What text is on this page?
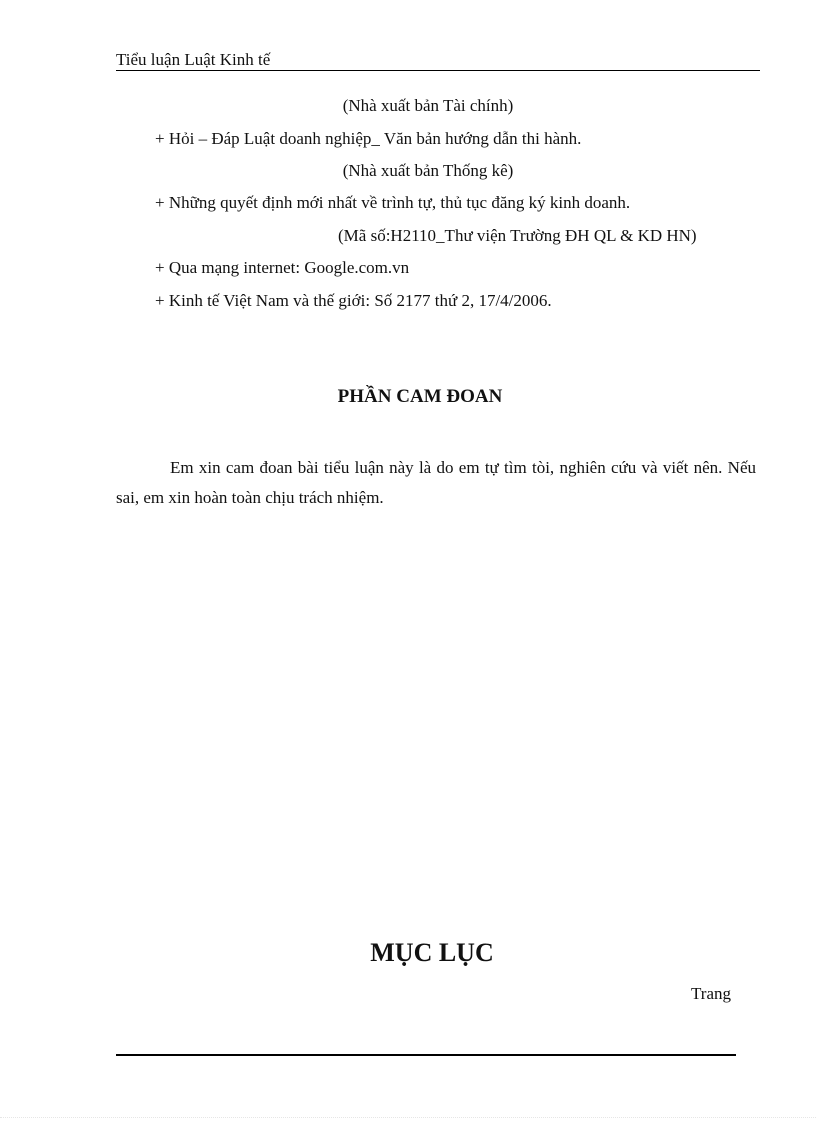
Tiểu luận Luật Kinh tế
(Nhà xuất bản Tài chính)
+ Hỏi – Đáp Luật doanh nghiệp_ Văn bản hướng dẫn thi hành.
(Nhà xuất bản Thống kê)
+ Những quyết định mới nhất về trình tự, thủ tục đăng ký kinh doanh.
(Mã số:H2110_Thư viện Trường ĐH QL & KD HN)
+ Qua mạng internet: Google.com.vn
+ Kinh tế Việt Nam và thế giới: Số 2177 thứ 2, 17/4/2006.
PHẦN CAM ĐOAN
Em xin cam đoan bài tiểu luận này là do em tự tìm tòi, nghiên cứu và viết nên. Nếu sai, em xin hoàn toàn chịu trách nhiệm.
MỤC LỤC
Trang
